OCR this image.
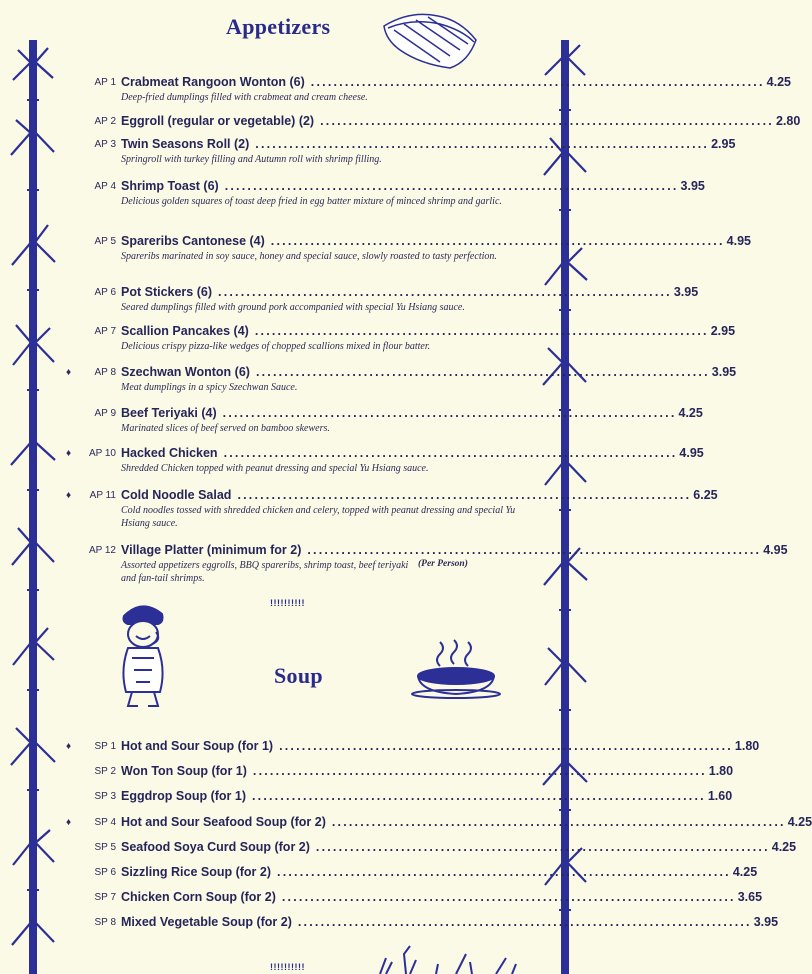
Appetizers
AP 1 Crabmeat Rangoon Wonton (6) ................................................................................ 4.25
Deep-fried dumplings filled with crabmeat and cream cheese.
AP 2 Eggroll (regular or vegetable) (2) ................................................................................ 2.80
AP 3 Twin Seasons Roll (2) ................................................................................ 2.95
Springroll with turkey filling and Autumn roll with shrimp filling.
AP 4 Shrimp Toast (6) ................................................................................ 3.95
Delicious golden squares of toast deep fried in egg batter mixture of minced shrimp and garlic.
AP 5 Spareribs Cantonese (4) ................................................................................ 4.95
Spareribs marinated in soy sauce, honey and special sauce, slowly roasted to tasty perfection.
AP 6 Pot Stickers (6) ................................................................................ 3.95
Seared dumplings filled with ground pork accompanied with special Yu Hsiang sauce.
AP 7 Scallion Pancakes (4) ................................................................................ 2.95
Delicious crispy pizza-like wedges of chopped scallions mixed in flour batter.
♦	AP 8 Szechwan Wonton (6) ................................................................................ 3.95
Meat dumplings in a spicy Szechwan Sauce.
AP 9 Beef Teriyaki (4) ................................................................................ 4.25
Marinated slices of beef served on bamboo skewers.
♦	AP 10 Hacked Chicken ................................................................................ 4.95
Shredded Chicken topped with peanut dressing and special Yu Hsiang sauce.
♦	AP 11 Cold Noodle Salad ................................................................................ 6.25
Cold noodles tossed with shredded chicken and celery, topped with peanut dressing and special Yu Hsiang sauce.
AP 12 Village Platter (minimum for 2) ................................................................................ 4.95
Assorted appetizers eggrolls, BBQ spareribs, shrimp toast, beef teriyaki and fan-tail shrimps.
(Per Person)
!!!!!!!!!!
Soup
♦	SP 1 Hot and Sour Soup (for 1) ................................................................................ 1.80
SP 2 Won Ton Soup (for 1) ................................................................................ 1.80
SP 3 Eggdrop Soup (for 1) ................................................................................ 1.60
♦	SP 4 Hot and Sour Seafood Soup (for 2) ................................................................................ 4.25
SP 5 Seafood Soya Curd Soup (for 2) ................................................................................ 4.25
SP 6 Sizzling Rice Soup (for 2) ................................................................................ 4.25
SP 7 Chicken Corn Soup (for 2) ................................................................................ 3.65
SP 8 Mixed Vegetable Soup (for 2) ................................................................................ 3.95
!!!!!!!!!!
